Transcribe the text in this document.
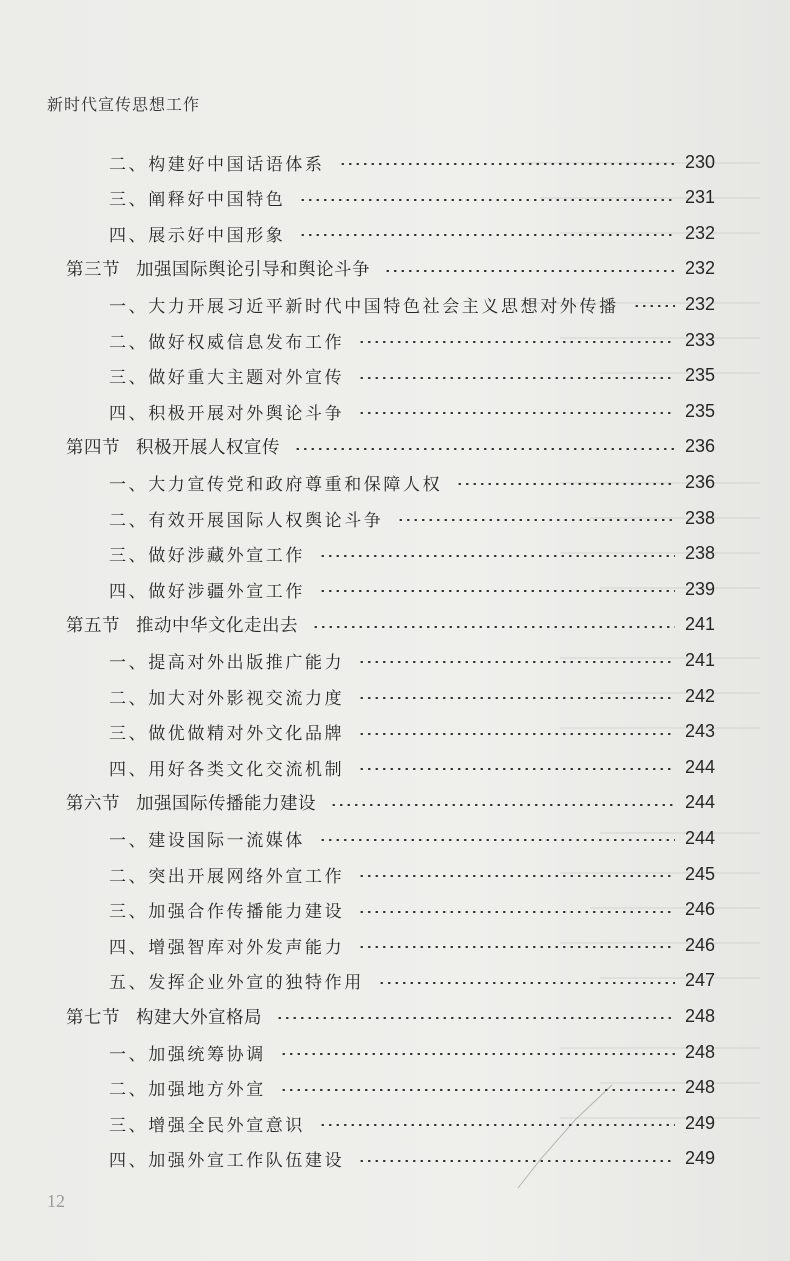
新时代宣传思想工作
二、构建好中国话语体系	230
三、阐释好中国特色	231
四、展示好中国形象	232
第三节 加强国际舆论引导和舆论斗争	232
一、大力开展习近平新时代中国特色社会主义思想对外传播	232
二、做好权威信息发布工作	233
三、做好重大主题对外宣传	235
四、积极开展对外舆论斗争	235
第四节 积极开展人权宣传	236
一、大力宣传党和政府尊重和保障人权	236
二、有效开展国际人权舆论斗争	238
三、做好涉藏外宣工作	238
四、做好涉疆外宣工作	239
第五节 推动中华文化走出去	241
一、提高对外出版推广能力	241
二、加大对外影视交流力度	242
三、做优做精对外文化品牌	243
四、用好各类文化交流机制	244
第六节 加强国际传播能力建设	244
一、建设国际一流媒体	244
二、突出开展网络外宣工作	245
三、加强合作传播能力建设	246
四、增强智库对外发声能力	246
五、发挥企业外宣的独特作用	247
第七节 构建大外宣格局	248
一、加强统筹协调	248
二、加强地方外宣	248
三、增强全民外宣意识	249
四、加强外宣工作队伍建设	249
12
